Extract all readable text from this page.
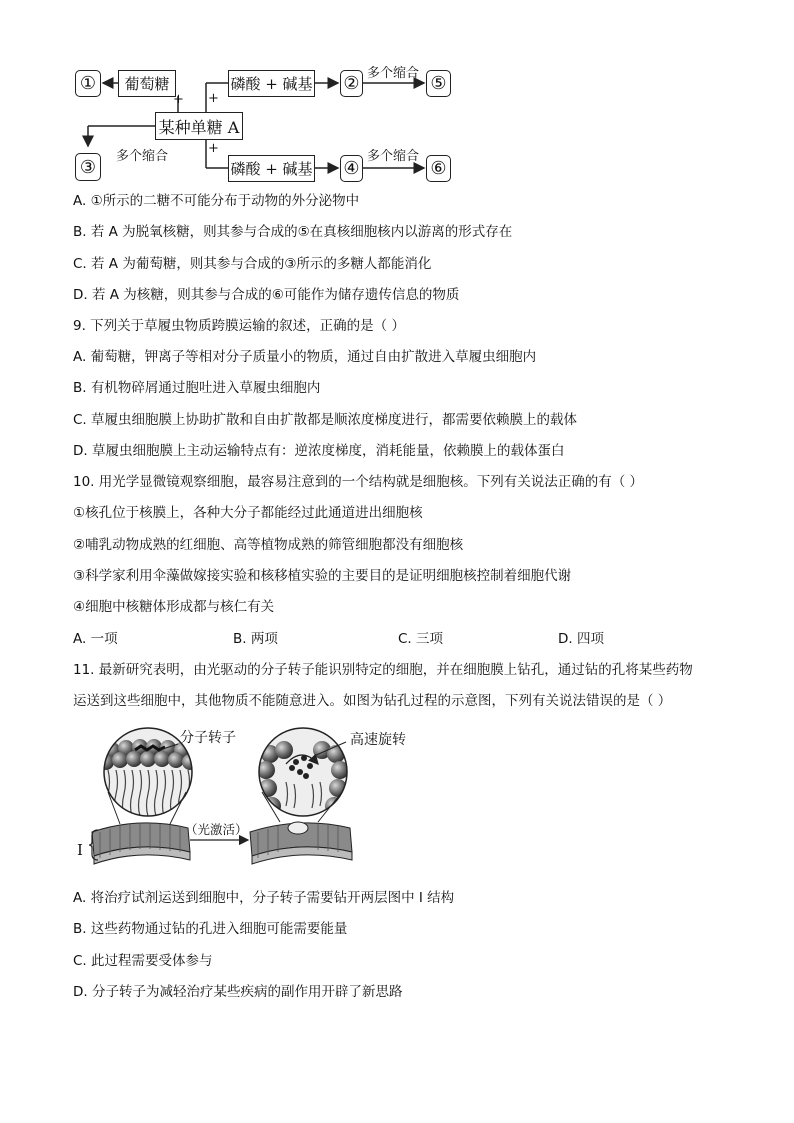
①	葡萄糖
+ +
磷酸 + 碱基 ② 多个缩合 ⑤
某种单糖 A
多个缩合
③
+
磷酸 + 碱基 ④
多个缩合
⑥
A. ①所示的二糖不可能分布于动物的外分泌物中
B. 若 A 为脱氧核糖，则其参与合成的⑤在真核细胞核内以游离的形式存在
C. 若 A 为葡萄糖，则其参与合成的③所示的多糖人都能消化
D. 若 A 为核糖，则其参与合成的⑥可能作为储存遗传信息的物质
9. 下列关于草履虫物质跨膜运输的叙述，正确的是（ ）
A. 葡萄糖，钾离子等相对分子质量小的物质，通过自由扩散进入草履虫细胞内
B. 有机物碎屑通过胞吐进入草履虫细胞内
C. 草履虫细胞膜上协助扩散和自由扩散都是顺浓度梯度进行，都需要依赖膜上的载体
D. 草履虫细胞膜上主动运输特点有：逆浓度梯度，消耗能量，依赖膜上的载体蛋白
10. 用光学显微镜观察细胞，最容易注意到的一个结构就是细胞核。下列有关说法正确的有（ ）
①核孔位于核膜上，各种大分子都能经过此通道进出细胞核
②哺乳动物成熟的红细胞、高等植物成熟的筛管细胞都没有细胞核
③科学家利用伞藻做嫁接实验和核移植实验的主要目的是证明细胞核控制着细胞代谢
④细胞中核糖体形成都与核仁有关
A. 一项	B. 两项	C. 三项	D. 四项
11. 最新研究表明，由光驱动的分子转子能识别特定的细胞，并在细胞膜上钻孔，通过钻的孔将某些药物
运送到这些细胞中，其他物质不能随意进入。如图为钻孔过程的示意图，下列有关说法错误的是（ ）
分子转子	高速旋转
（光激活）
I
A. 将治疗试剂运送到细胞中，分子转子需要钻开两层图中 I 结构
B. 这些药物通过钻的孔进入细胞可能需要能量
C. 此过程需要受体参与
D. 分子转子为减轻治疗某些疾病的副作用开辟了新思路
